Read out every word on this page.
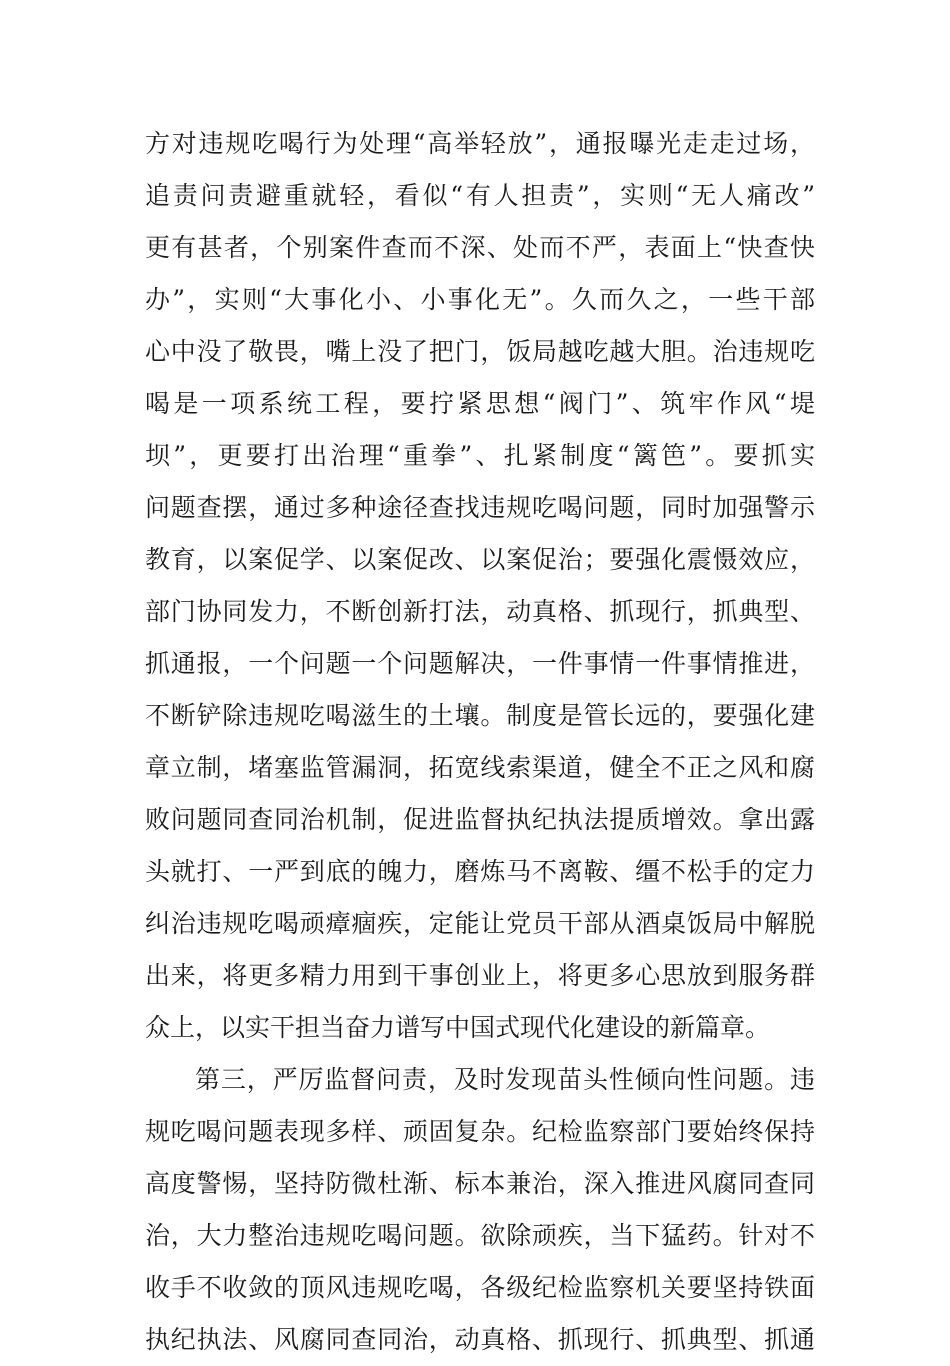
方对违规吃喝行为处理“高举轻放”，通报曝光走走过场，
追责问责避重就轻，看似“有人担责”，实则“无人痛改”
更有甚者，个别案件查而不深、处而不严，表面上“快查快
办”，实则“大事化小、小事化无”。久而久之，一些干部
心中没了敬畏，嘴上没了把门，饭局越吃越大胆。治违规吃
喝是一项系统工程，要拧紧思想“阀门”、筑牢作风“堤
坝”，更要打出治理“重拳”、扎紧制度“篱笆”。要抓实
问题查摆，通过多种途径查找违规吃喝问题，同时加强警示
教育，以案促学、以案促改、以案促治；要强化震慑效应，
部门协同发力，不断创新打法，动真格、抓现行，抓典型、
抓通报，一个问题一个问题解决，一件事情一件事情推进，
不断铲除违规吃喝滋生的土壤。制度是管长远的，要强化建
章立制，堵塞监管漏洞，拓宽线索渠道，健全不正之风和腐
败问题同查同治机制，促进监督执纪执法提质增效。拿出露
头就打、一严到底的魄力，磨炼马不离鞍、缰不松手的定力
纠治违规吃喝顽瘴痼疾，定能让党员干部从酒桌饭局中解脱
出来，将更多精力用到干事创业上，将更多心思放到服务群
众上，以实干担当奋力谱写中国式现代化建设的新篇章。
第三，严厉监督问责，及时发现苗头性倾向性问题。违
规吃喝问题表现多样、顽固复杂。纪检监察部门要始终保持
高度警惕，坚持防微杜渐、标本兼治，深入推进风腐同查同
治，大力整治违规吃喝问题。欲除顽疾，当下猛药。针对不
收手不收敛的顶风违规吃喝，各级纪检监察机关要坚持铁面
执纪执法、风腐同查同治，动真格、抓现行、抓典型、抓通
